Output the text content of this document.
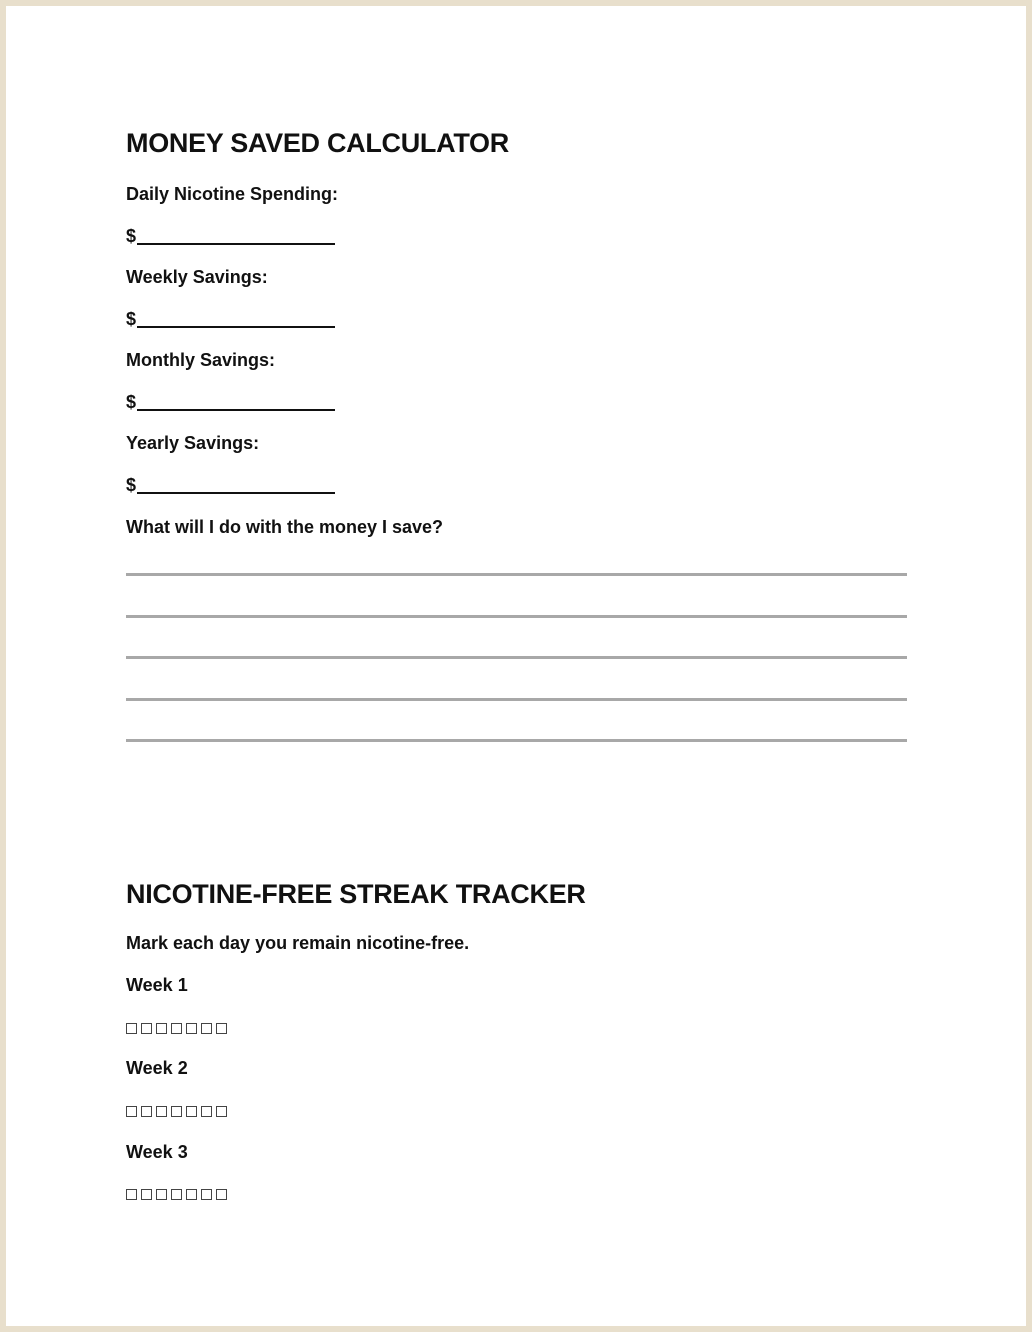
MONEY SAVED CALCULATOR
Daily Nicotine Spending:
$
Weekly Savings:
$
Monthly Savings:
$
Yearly Savings:
$
What will I do with the money I save?
NICOTINE-FREE STREAK TRACKER
Mark each day you remain nicotine-free.
Week 1
Week 2
Week 3
